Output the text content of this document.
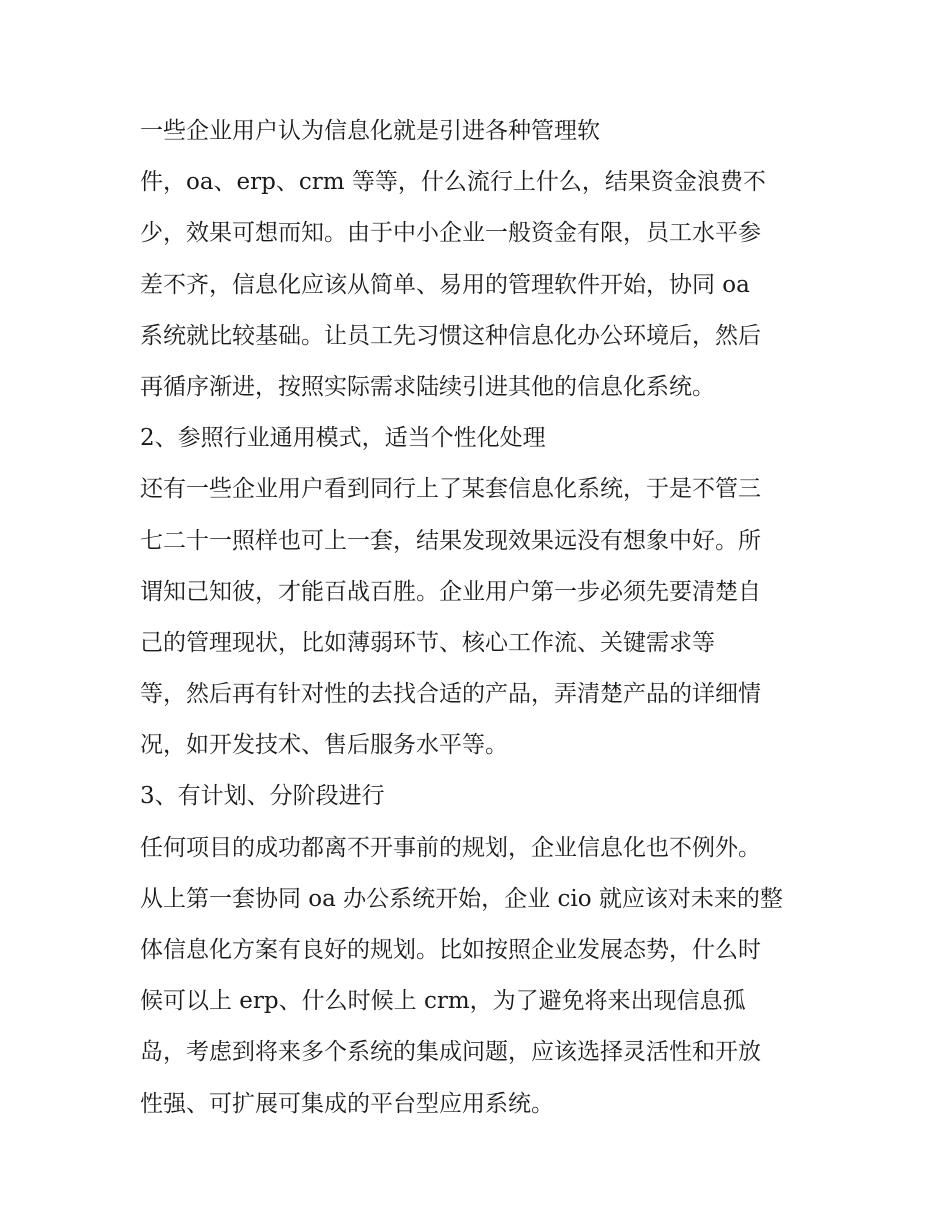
一些企业用户认为信息化就是引进各种管理软
件，oa、erp、crm 等等，什么流行上什么，结果资金浪费不
少，效果可想而知。由于中小企业一般资金有限，员工水平参
差不齐，信息化应该从简单、易用的管理软件开始，协同 oa
系统就比较基础。让员工先习惯这种信息化办公环境后，然后
再循序渐进，按照实际需求陆续引进其他的信息化系统。
2、参照行业通用模式，适当个性化处理
还有一些企业用户看到同行上了某套信息化系统，于是不管三
七二十一照样也可上一套，结果发现效果远没有想象中好。所
谓知己知彼，才能百战百胜。企业用户第一步必须先要清楚自
己的管理现状，比如薄弱环节、核心工作流、关键需求等
等，然后再有针对性的去找合适的产品，弄清楚产品的详细情
况，如开发技术、售后服务水平等。
3、有计划、分阶段进行
任何项目的成功都离不开事前的规划，企业信息化也不例外。
从上第一套协同 oa 办公系统开始，企业 cio 就应该对未来的整
体信息化方案有良好的规划。比如按照企业发展态势，什么时
候可以上 erp、什么时候上 crm，为了避免将来出现信息孤
岛，考虑到将来多个系统的集成问题，应该选择灵活性和开放
性强、可扩展可集成的平台型应用系统。
